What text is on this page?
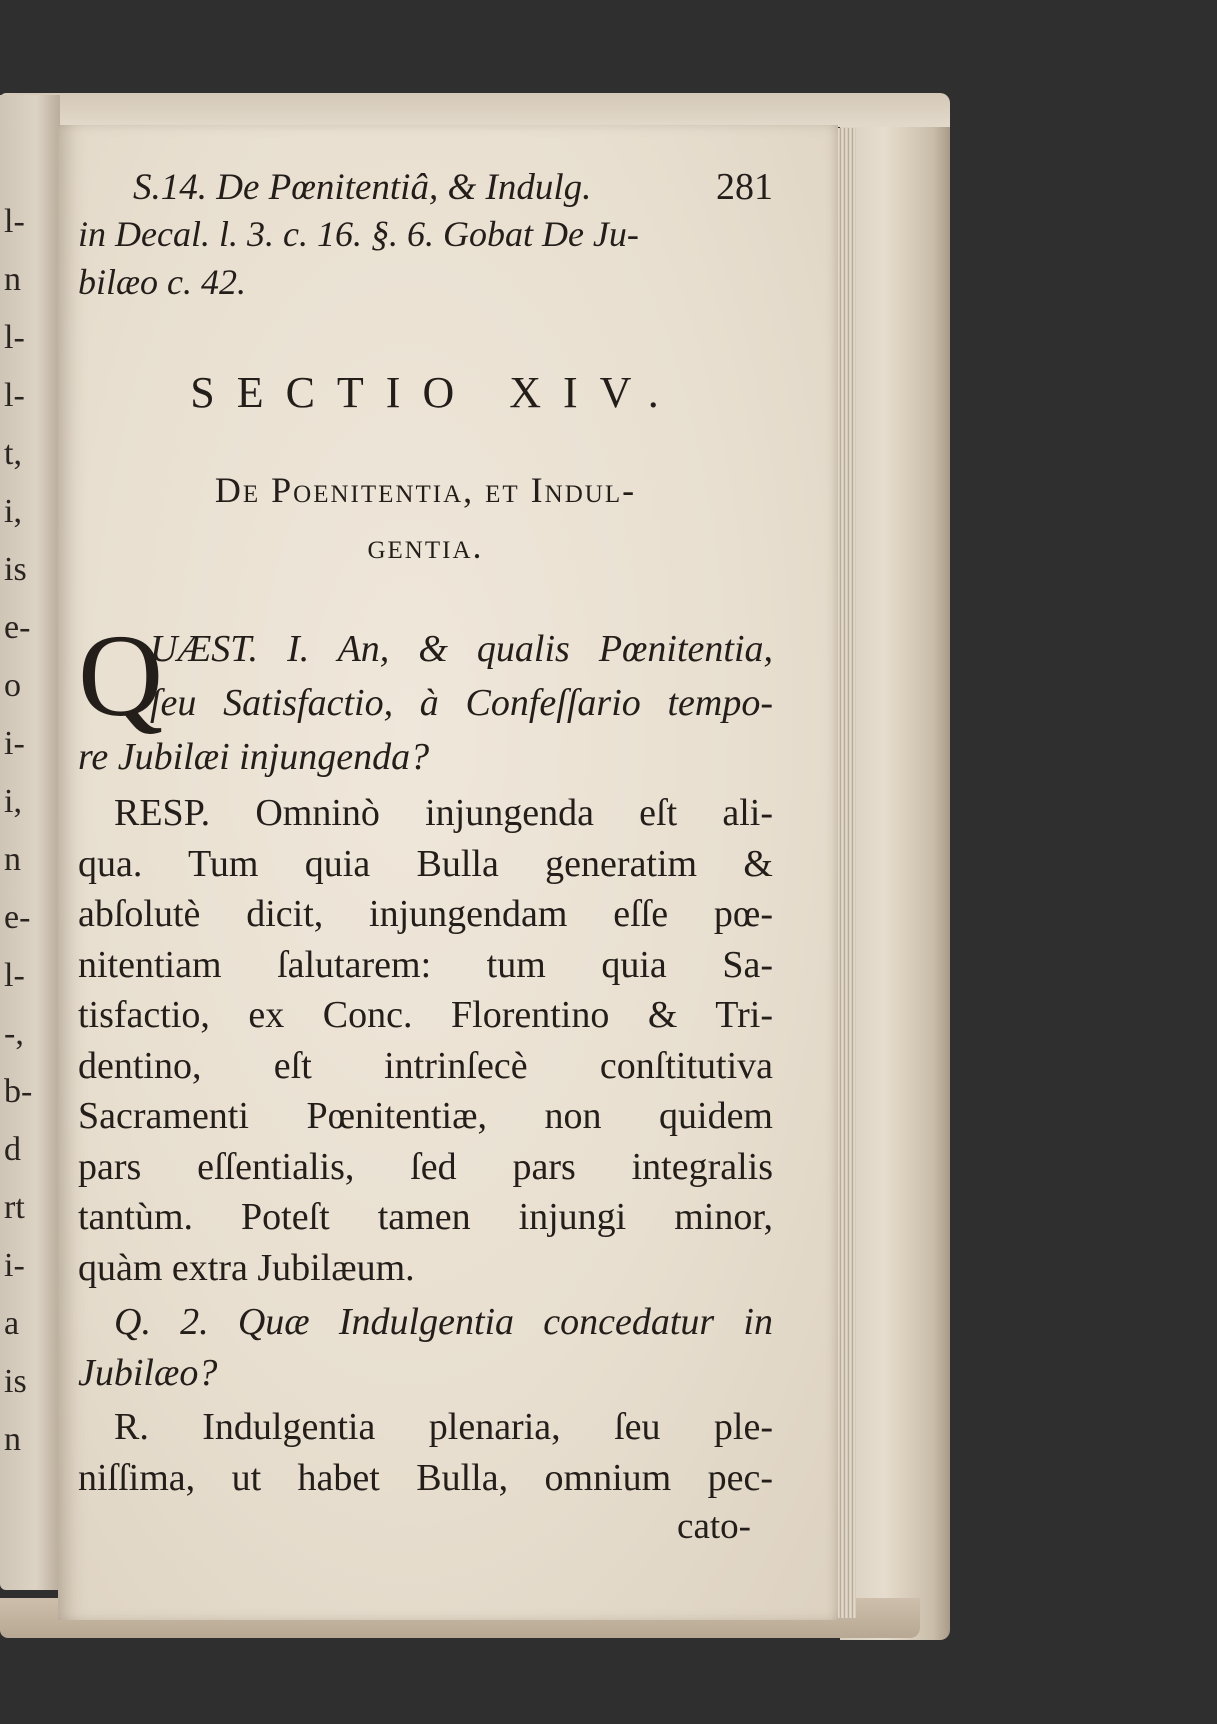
l-
n
l-
l-
t,
i,
is
e-
o
i-
i,
n
e-
l-
-,
b-
d
rt
i-
a
is
n
S.14. De Pœnitentiâ, & Indulg.	281
in Decal. l. 3. c. 16. §. 6. Gobat De Ju-
bilæo c. 42.
SECTIO XIV.
De Poenitentia, et Indul-
gentia.
Q
UÆST. I. An, & qualis Pœnitentia,
ſeu Satisfactio, à Confeſſario tempo-
re Jubilæi injungenda?
RESP. Omninò injungenda eſt ali-
qua. Tum quia Bulla generatim &
abſolutè dicit, injungendam eſſe pœ-
nitentiam ſalutarem: tum quia Sa-
tisfactio, ex Conc. Florentino & Tri-
dentino, eſt intrinſecè conſtitutiva
Sacramenti Pœnitentiæ, non quidem
pars eſſentialis, ſed pars integralis
tantùm. Poteſt tamen injungi minor,
quàm extra Jubilæum.
Q. 2. Quæ Indulgentia concedatur in
Jubilæo?
R. Indulgentia plenaria, ſeu ple-
niſſima, ut habet Bulla, omnium pec-
cato-
